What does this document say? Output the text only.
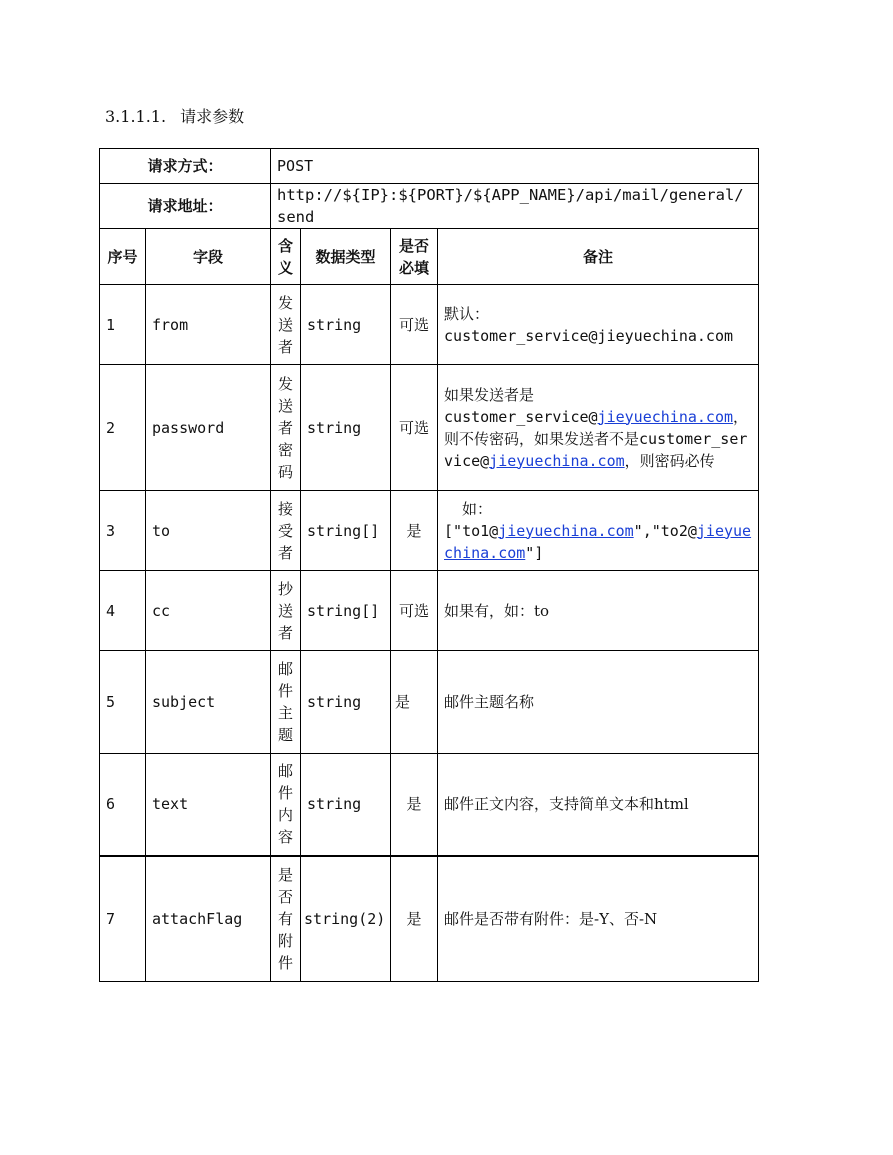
3.1.1.1. 请求参数
请求方式：		POST			
请求地址：		http://${IP}:${PORT}/${APP_NAME}/api/mail/general/send			
序号	字段	含义	数据类型	是否必填	备注
1	from	发送者	string	可选	默认：
customer_service@jieyuechina.com

2	password	发送者密码	string	可选	如果发送者是
customer_service@jieyuechina.com，则不传密码，如果发送者不是customer_service@jieyuechina.com，则密码必传

3	to	接受者	string[]	是	如：
["to1@jieyuechina.com","to2@jieyuechina.com"]

4	cc	抄送者	string[]	可选	如果有，如：to
5	subject	邮件主题	string	是	邮件主题名称
6	text	邮件内容	string	是	邮件正文内容，支持简单文本和html
7	attachFlag	是否有附件	string(2)	是	邮件是否带有附件：是-Y、否-N
